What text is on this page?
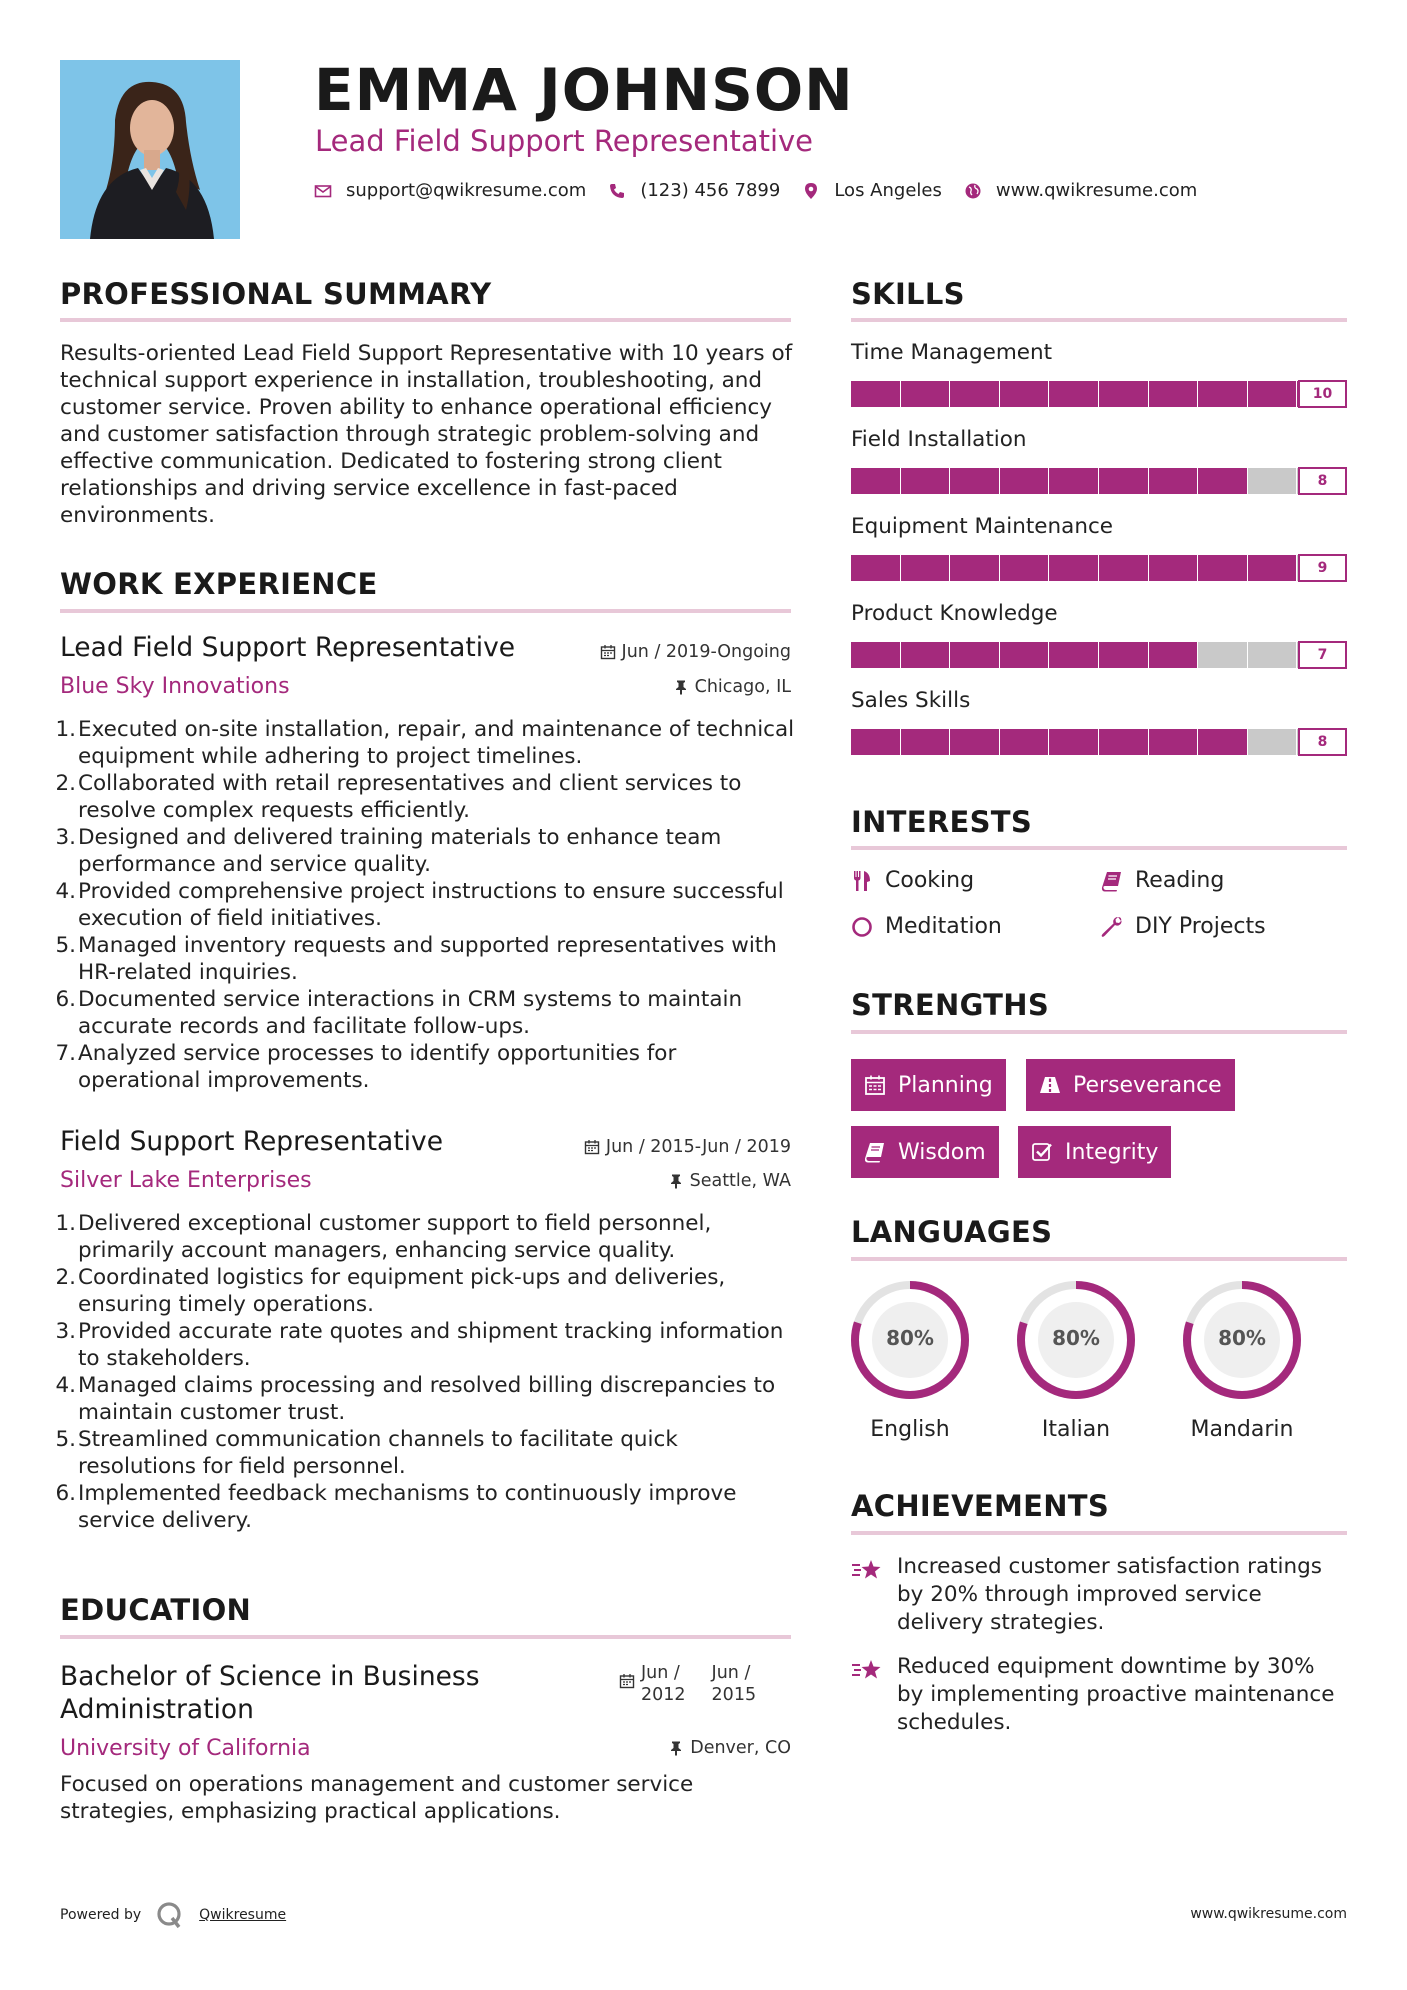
EMMA JOHNSON
Lead Field Support Representative
support@qwikresume.com	(123) 456 7899	Los Angeles	www.qwikresume.com
PROFESSIONAL SUMMARY
Results-oriented Lead Field Support Representative with 10 years of technical support experience in installation, troubleshooting, and customer service. Proven ability to enhance operational efficiency and customer satisfaction through strategic problem-solving and effective communication. Dedicated to fostering strong client relationships and driving service excellence in fast-paced environments.
WORK EXPERIENCE
Lead Field Support Representative	Jun / 2019-Ongoing
Blue Sky Innovations	Chicago, IL
1. Executed on-site installation, repair, and maintenance of technical equipment while adhering to project timelines.
2. Collaborated with retail representatives and client services to resolve complex requests efficiently.
3. Designed and delivered training materials to enhance team performance and service quality.
4. Provided comprehensive project instructions to ensure successful execution of field initiatives.
5. Managed inventory requests and supported representatives with HR-related inquiries.
6. Documented service interactions in CRM systems to maintain accurate records and facilitate follow-ups.
7. Analyzed service processes to identify opportunities for operational improvements.
Field Support Representative	Jun / 2015-Jun / 2019
Silver Lake Enterprises	Seattle, WA
1. Delivered exceptional customer support to field personnel, primarily account managers, enhancing service quality.
2. Coordinated logistics for equipment pick-ups and deliveries, ensuring timely operations.
3. Provided accurate rate quotes and shipment tracking information to stakeholders.
4. Managed claims processing and resolved billing discrepancies to maintain customer trust.
5. Streamlined communication channels to facilitate quick resolutions for field personnel.
6. Implemented feedback mechanisms to continuously improve service delivery.
EDUCATION
Bachelor of Science in Business
Administration
Jun /
2012
Jun /
2015
University of California	Denver, CO
Focused on operations management and customer service strategies, emphasizing practical applications.
SKILLS
Time Management
10
Field Installation
8
Equipment Maintenance
9
Product Knowledge
7
Sales Skills
8
INTERESTS
Cooking	Reading
Meditation	DIY Projects
STRENGTHS
Planning	Perseverance
Wisdom	Integrity
LANGUAGES
80%
English
80%
Italian
80%
Mandarin
ACHIEVEMENTS
Increased customer satisfaction ratings by 20% through improved service delivery strategies.
Reduced equipment downtime by 30% by implementing proactive maintenance schedules.
Powered by	Qwikresume	www.qwikresume.com
